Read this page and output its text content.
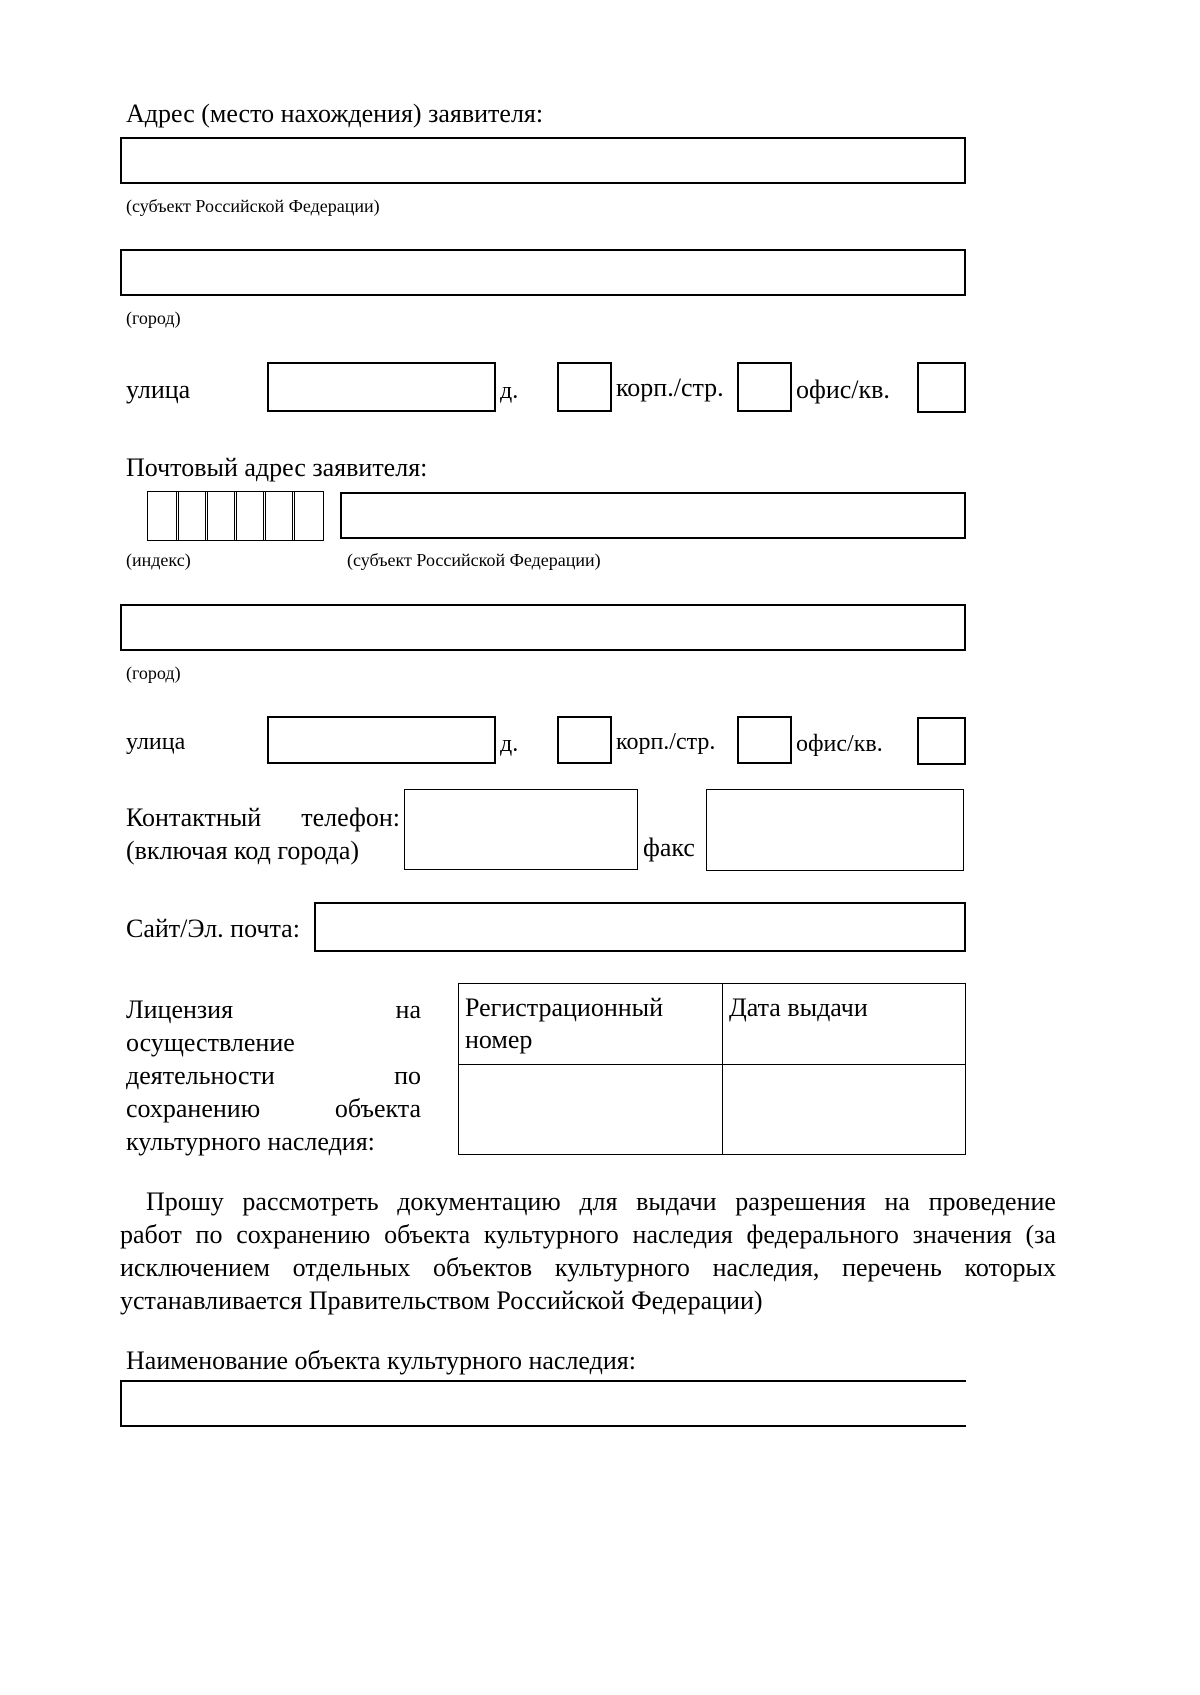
Адрес (место нахождения) заявителя:
(субъект Российской Федерации)
(город)
улица	д.	корп./стр.	офис/кв.
Почтовый адрес заявителя:
(индекс)	(субъект Российской Федерации)
(город)
улица	д.	корп./стр.	офис/кв.
Контактный телефон:
(включая код города)	факс
Сайт/Эл. почта:
Лицензия	на
осуществление
деятельности	по
сохранению	объекта
культурного наследия:
Регистрационный номер	Дата выдачи

Прошу рассмотреть документацию для выдачи разрешения на проведение
работ по сохранению объекта культурного наследия федерального значения (за
исключением отдельных объектов культурного наследия, перечень которых
устанавливается Правительством Российской Федерации)
Наименование объекта культурного наследия:
